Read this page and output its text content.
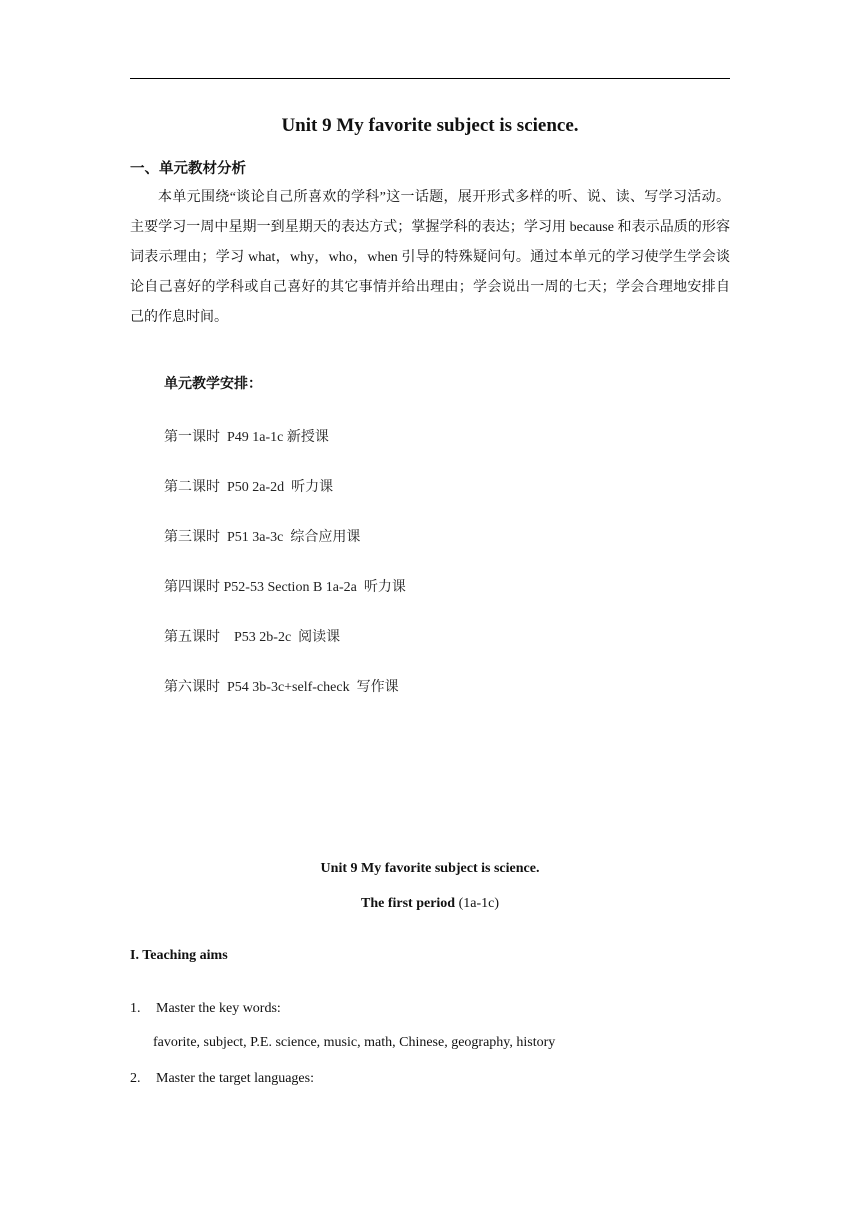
Unit 9 My favorite subject is science.
一、单元教材分析
本单元围绕“谈论自己所喜欢的学科”这一话题，展开形式多样的听、说、读、写学习活动。主要学习一周中星期一到星期天的表达方式；掌握学科的表达；学习用 because 和表示品质的形容词表示理由；学习 what，why，who，when 引导的特殊疑问句。通过本单元的学习使学生学会谈论自己喜好的学科或自己喜好的其它事情并给出理由；学会说出一周的七天；学会合理地安排自己的作息时间。
单元教学安排：
第一课时  P49 1a-1c 新授课
第二课时  P50 2a-2d  听力课
第三课时  P51 3a-3c  综合应用课
第四课时 P52-53 Section B 1a-2a  听力课
第五课时    P53 2b-2c  阅读课
第六课时  P54 3b-3c+self-check  写作课
Unit 9 My favorite subject is science.
The first period (1a-1c)
I. Teaching aims
1. Master the key words:
favorite, subject, P.E. science, music, math, Chinese, geography, history
2. Master the target languages:
